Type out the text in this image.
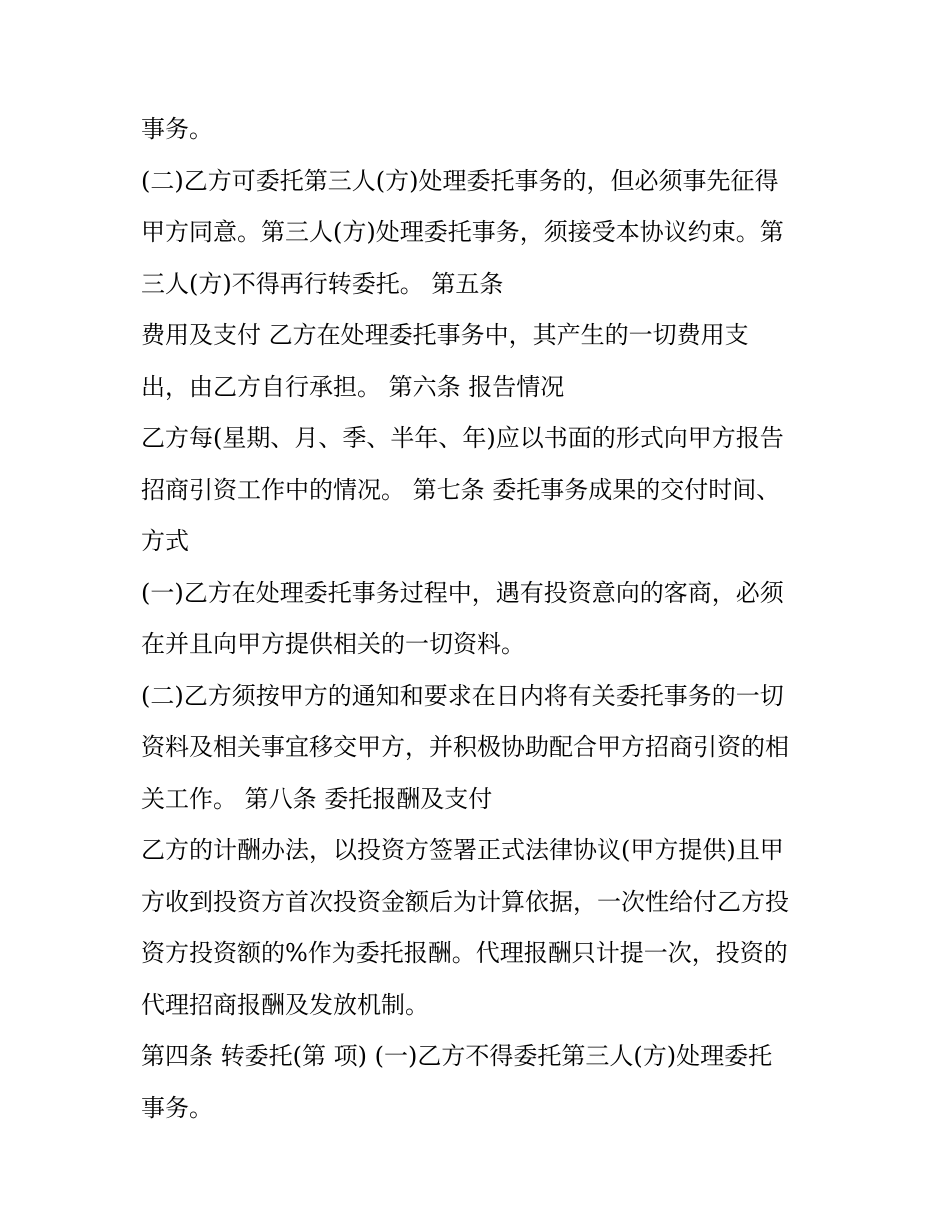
事务。
(二)乙方可委托第三人(方)处理委托事务的，但必须事先征得
甲方同意。第三人(方)处理委托事务，须接受本协议约束。第
三人(方)不得再行转委托。 第五条
费用及支付 乙方在处理委托事务中，其产生的一切费用支
出，由乙方自行承担。 第六条 报告情况
乙方每(星期、月、季、半年、年)应以书面的形式向甲方报告
招商引资工作中的情况。 第七条 委托事务成果的交付时间、
方式
(一)乙方在处理委托事务过程中，遇有投资意向的客商，必须
在并且向甲方提供相关的一切资料。
(二)乙方须按甲方的通知和要求在日内将有关委托事务的一切
资料及相关事宜移交甲方，并积极协助配合甲方招商引资的相
关工作。 第八条 委托报酬及支付
乙方的计酬办法，以投资方签署正式法律协议(甲方提供)且甲
方收到投资方首次投资金额后为计算依据，一次性给付乙方投
资方投资额的%作为委托报酬。代理报酬只计提一次，投资的
代理招商报酬及发放机制。
第四条 转委托(第 项) (一)乙方不得委托第三人(方)处理委托
事务。
